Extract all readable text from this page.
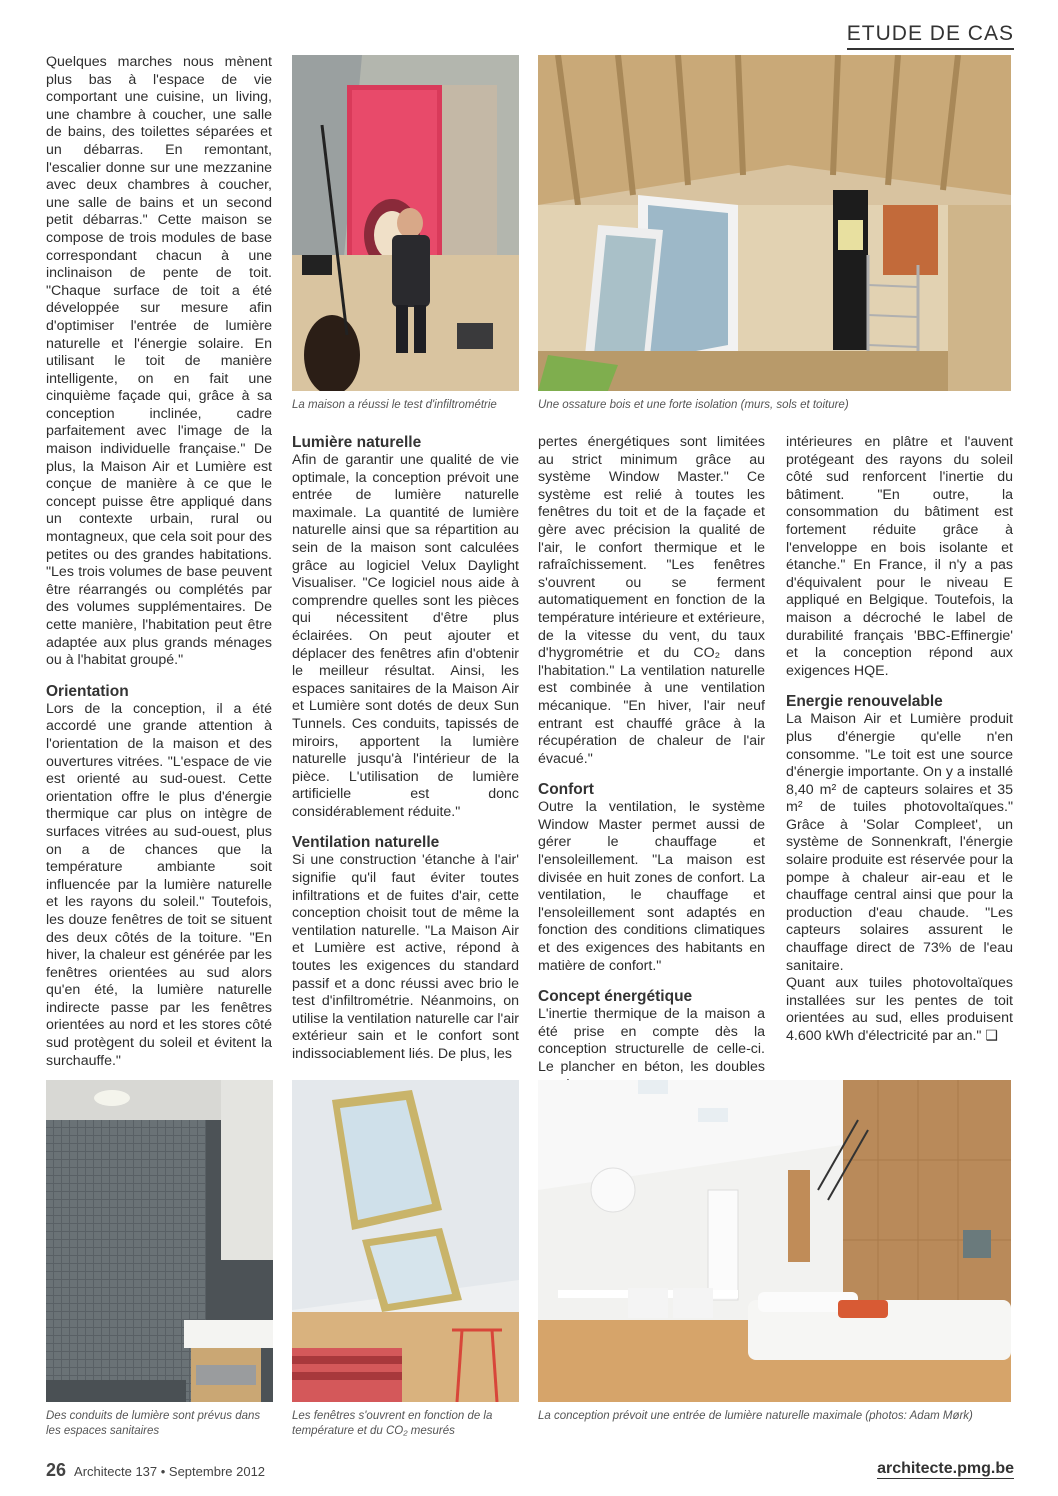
ETUDE DE CAS

Quelques marches nous mènent plus bas à l'espace de vie comportant une cuisine, un living, une chambre à coucher, une salle de bains, des toilettes séparées et un débarras. En remontant, l'escalier donne sur une mezzanine avec deux chambres à coucher, une salle de bains et un second petit débarras." Cette maison se compose de trois modules de base correspondant chacun à une inclinaison de pente de toit. "Chaque surface de toit a été développée sur mesure afin d'optimiser l'entrée de lumière naturelle et l'énergie solaire. En utilisant le toit de manière intelligente, on en fait une cinquième façade qui, grâce à sa conception inclinée, cadre parfaitement avec l'image de la maison individuelle française." De plus, la Maison Air et Lumière est conçue de manière à ce que le concept puisse être appliqué dans un contexte urbain, rural ou montagneux, que cela soit pour des petites ou des grandes habitations. "Les trois volumes de base peuvent être réarrangés ou complétés par des volumes supplémentaires. De cette manière, l'habitation peut être adaptée aux plus grands ménages ou à l'habitat groupé."

Orientation

Lors de la conception, il a été accordé une grande attention à l'orientation de la maison et des ouvertures vitrées. "L'espace de vie est orienté au sud-ouest. Cette orientation offre le plus d'énergie thermique car plus on intègre de surfaces vitrées au sud-ouest, plus on a de chances que la température ambiante soit influencée par la lumière naturelle et les rayons du soleil." Toutefois, les douze fenêtres de toit se situent des deux côtés de la toiture. "En hiver, la chaleur est générée par les fenêtres orientées au sud alors qu'en été, la lumière naturelle indirecte passe par les fenêtres orientées au nord et les stores côté sud protègent du soleil et évitent la surchauffe."

La maison a réussi le test d'infiltrométrie	Une ossature bois et une forte isolation (murs, sols et toiture)
Lumière naturelle

Afin de garantir une qualité de vie optimale, la conception prévoit une entrée de lumière naturelle maximale. La quantité de lumière naturelle ainsi que sa répartition au sein de la maison sont calculées grâce au logiciel Velux Daylight Visualiser. "Ce logiciel nous aide à comprendre quelles sont les pièces qui nécessitent d'être plus éclairées. On peut ajouter et déplacer des fenêtres afin d'obtenir le meilleur résultat. Ainsi, les espaces sanitaires de la Maison Air et Lumière sont dotés de deux Sun Tunnels. Ces conduits, tapissés de miroirs, apportent la lumière naturelle jusqu'à l'intérieur de la pièce. L'utilisation de lumière artificielle est donc considérablement réduite."

Ventilation naturelle

Si une construction 'étanche à l'air' signifie qu'il faut éviter toutes infiltrations et de fuites d'air, cette conception choisit tout de même la ventilation naturelle. "La Maison Air et Lumière est active, répond à toutes les exigences du standard passif et a donc réussi avec brio le test d'infiltrométrie. Néanmoins, on utilise la ventilation naturelle car l'air extérieur sain et le confort sont indissociablement liés. De plus, les

pertes énergétiques sont limitées au strict minimum grâce au système Window Master." Ce système est relié à toutes les fenêtres du toit et de la façade et gère avec précision la qualité de l'air, le confort thermique et le rafraîchissement. "Les fenêtres s'ouvrent ou se ferment automatiquement en fonction de la température intérieure et extérieure, de la vitesse du vent, du taux d'hygrométrie et du CO₂ dans l'habitation." La ventilation naturelle est combinée à une ventilation mécanique. "En hiver, l'air neuf entrant est chauffé grâce à la récupération de chaleur de l'air évacué."

Confort

Outre la ventilation, le système Window Master permet aussi de gérer le chauffage et l'ensoleillement. "La maison est divisée en huit zones de confort. La ventilation, le chauffage et l'ensoleillement sont adaptés en fonction des conditions climatiques et des exigences des habitants en matière de confort."

Concept énergétique

L'inertie thermique de la maison a été prise en compte dès la conception structurelle de celle-ci. Le plancher en béton, les doubles

intérieures en plâtre et l'auvent protégeant des rayons du soleil côté sud renforcent l'inertie du bâtiment. "En outre, la consommation du bâtiment est fortement réduite grâce à l'enveloppe en bois isolante et étanche." En France, il n'y a pas d'équivalent pour le niveau E appliqué en Belgique. Toutefois, la maison a décroché le label de durabilité français 'BBC-Effinergie' et la conception répond aux exigences HQE.

Energie renouvelable

La Maison Air et Lumière produit plus d'énergie qu'elle n'en consomme. "Le toit est une source d'énergie importante. On y a installé 8,40 m² de capteurs solaires et 35 m² de tuiles photovoltaïques." Grâce à 'Solar Compleet', un système de Sonnenkraft, l'énergie solaire produite est réservée pour la pompe à chaleur air-eau et le chauffage central ainsi que pour la production d'eau chaude. "Les capteurs solaires assurent le chauffage direct de 73% de l'eau sanitaire.

Quant aux tuiles photovoltaïques installées sur les pentes de toit orientées au sud, elles produisent 4.600 kWh d'électricité par an." ❑

Des conduits de lumière sont prévus dans les espaces sanitaires
Les fenêtres s'ouvrent en fonction de la température et du CO₂ mesurés
La conception prévoit une entrée de lumière naturelle maximale (photos: Adam Mørk)
26 Architecte 137 • Septembre 2012	architecte.pmg.be
